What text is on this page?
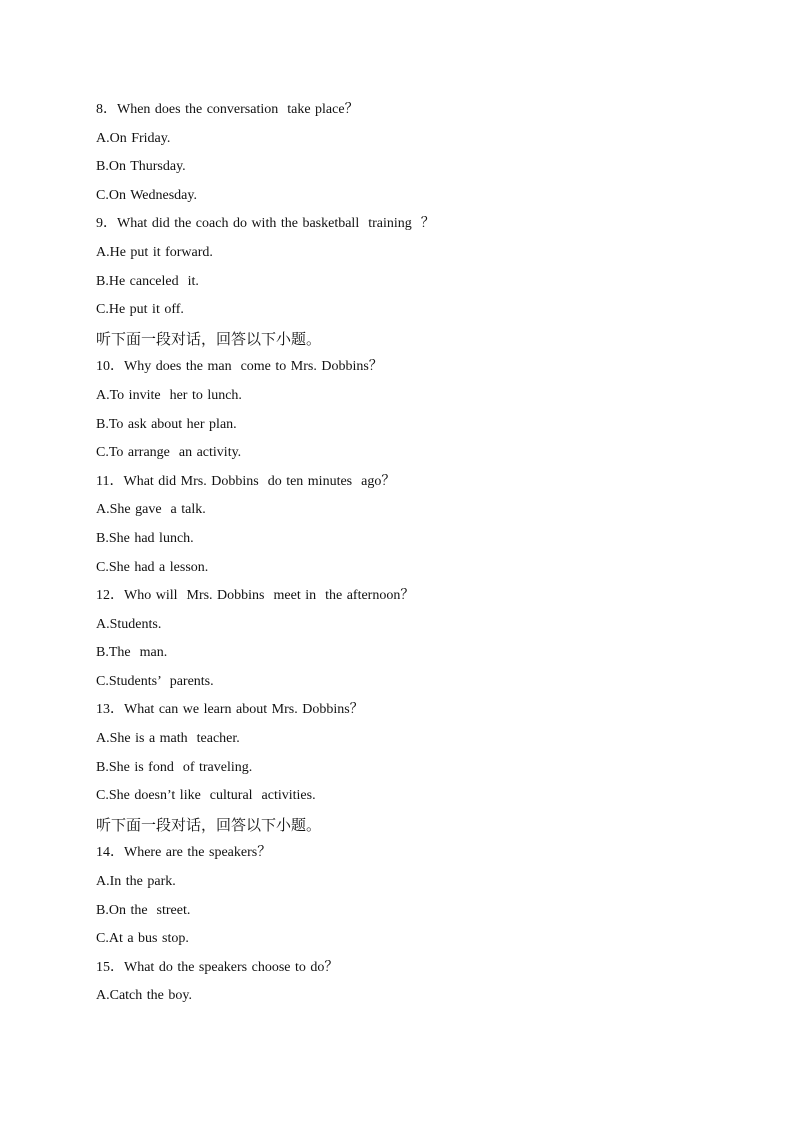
8．When does the conversation  take place？
A.On Friday.
B.On Thursday.
C.On Wednesday.
9．What did the coach do with the basketball  training  ？
A.He put it forward.
B.He canceled  it.
C.He put it off.
听下面一段对话，回答以下小题。
10．Why does the man  come to Mrs. Dobbins？
A.To invite  her to lunch.
B.To ask about her plan.
C.To arrange  an activity.
11．What did Mrs. Dobbins  do ten minutes  ago？
A.She gave  a talk.
B.She had lunch.
C.She had a lesson.
12．Who will  Mrs. Dobbins  meet in  the afternoon？
A.Students.
B.The  man.
C.Students’  parents.
13．What can we learn about Mrs. Dobbins？
A.She is a math  teacher.
B.She is fond  of traveling.
C.She doesn’t like  cultural  activities.
听下面一段对话，回答以下小题。
14．Where are the speakers？
A.In the park.
B.On the  street.
C.At a bus stop.
15．What do the speakers choose to do？
A.Catch the boy.
